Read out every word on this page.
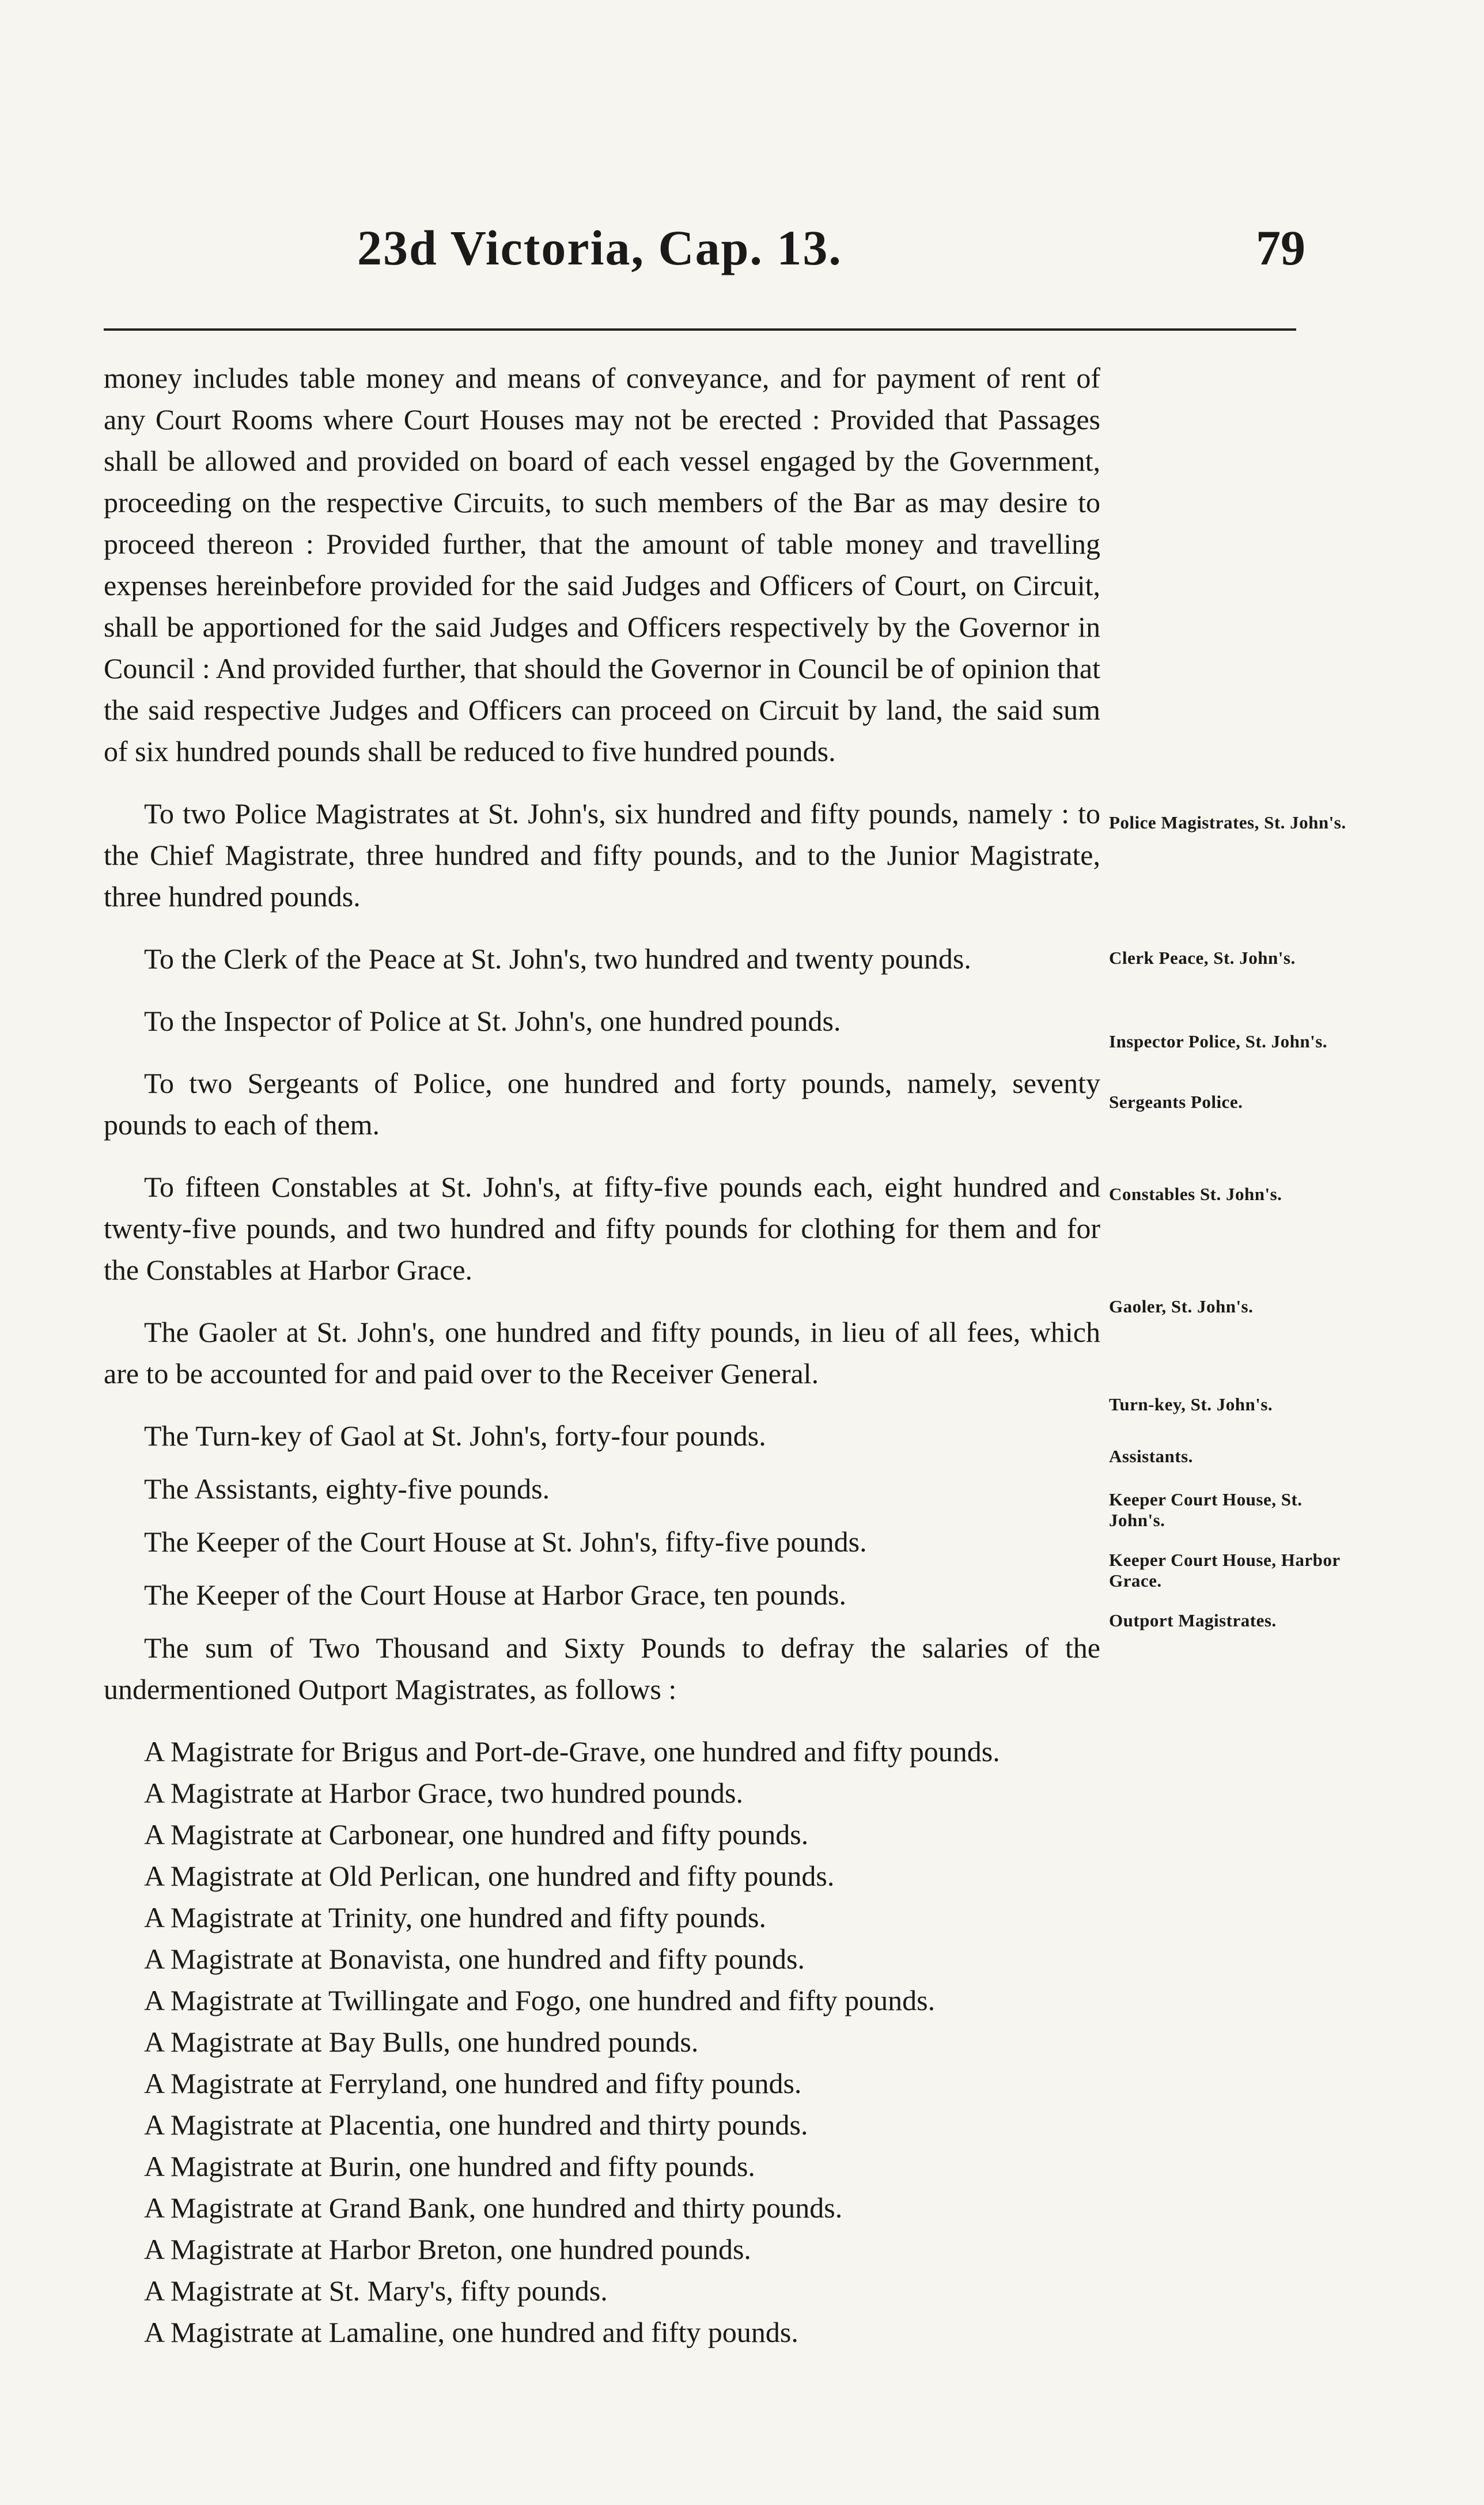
23d Victoria, Cap. 13.	79

money includes table money and means of conveyance, and for payment of rent of any Court Rooms where Court Houses may not be erected : Provided that Passages shall be allowed and provided on board of each vessel engaged by the Government, proceeding on the respective Circuits, to such members of the Bar as may desire to proceed thereon : Provided further, that the amount of table money and travelling expenses hereinbefore provided for the said Judges and Officers of Court, on Circuit, shall be apportioned for the said Judges and Officers respectively by the Governor in Council : And provided further, that should the Governor in Council be of opinion that the said respective Judges and Officers can proceed on Circuit by land, the said sum of six hundred pounds shall be reduced to five hundred pounds.

To two Police Magistrates at St. John's, six hundred and fifty pounds, namely : to the Chief Magistrate, three hundred and fifty pounds, and to the Junior Magistrate, three hundred pounds.

To the Clerk of the Peace at St. John's, two hundred and twenty pounds.

To the Inspector of Police at St. John's, one hundred pounds.

To two Sergeants of Police, one hundred and forty pounds, namely, seventy pounds to each of them.

To fifteen Constables at St. John's, at fifty-five pounds each, eight hundred and twenty-five pounds, and two hundred and fifty pounds for clothing for them and for the Constables at Harbor Grace.

The Gaoler at St. John's, one hundred and fifty pounds, in lieu of all fees, which are to be accounted for and paid over to the Receiver General.

The Turn-key of Gaol at St. John's, forty-four pounds.

The Assistants, eighty-five pounds.

The Keeper of the Court House at St. John's, fifty-five pounds.

The Keeper of the Court House at Harbor Grace, ten pounds.

The sum of Two Thousand and Sixty Pounds to defray the salaries of the undermentioned Outport Magistrates, as follows :

A Magistrate for Brigus and Port-de-Grave, one hundred and fifty pounds.

A Magistrate at Harbor Grace, two hundred pounds.

A Magistrate at Carbonear, one hundred and fifty pounds.

A Magistrate at Old Perlican, one hundred and fifty pounds.

A Magistrate at Trinity, one hundred and fifty pounds.

A Magistrate at Bonavista, one hundred and fifty pounds.

A Magistrate at Twillingate and Fogo, one hundred and fifty pounds.

A Magistrate at Bay Bulls, one hundred pounds.

A Magistrate at Ferryland, one hundred and fifty pounds.

A Magistrate at Placentia, one hundred and thirty pounds.

A Magistrate at Burin, one hundred and fifty pounds.

A Magistrate at Grand Bank, one hundred and thirty pounds.

A Magistrate at Harbor Breton, one hundred pounds.

A Magistrate at St. Mary's, fifty pounds.

A Magistrate at Lamaline, one hundred and fifty pounds.

Police Magistrates, St. John's.
Clerk Peace, St. John's.
Inspector Police, St. John's.
Sergeants Police.
Constables St. John's.
Gaoler, St. John's.
Turn-key, St. John's.
Assistants.
Keeper Court House, St. John's.
Keeper Court House, Harbor Grace.
Outport Magistrates.
